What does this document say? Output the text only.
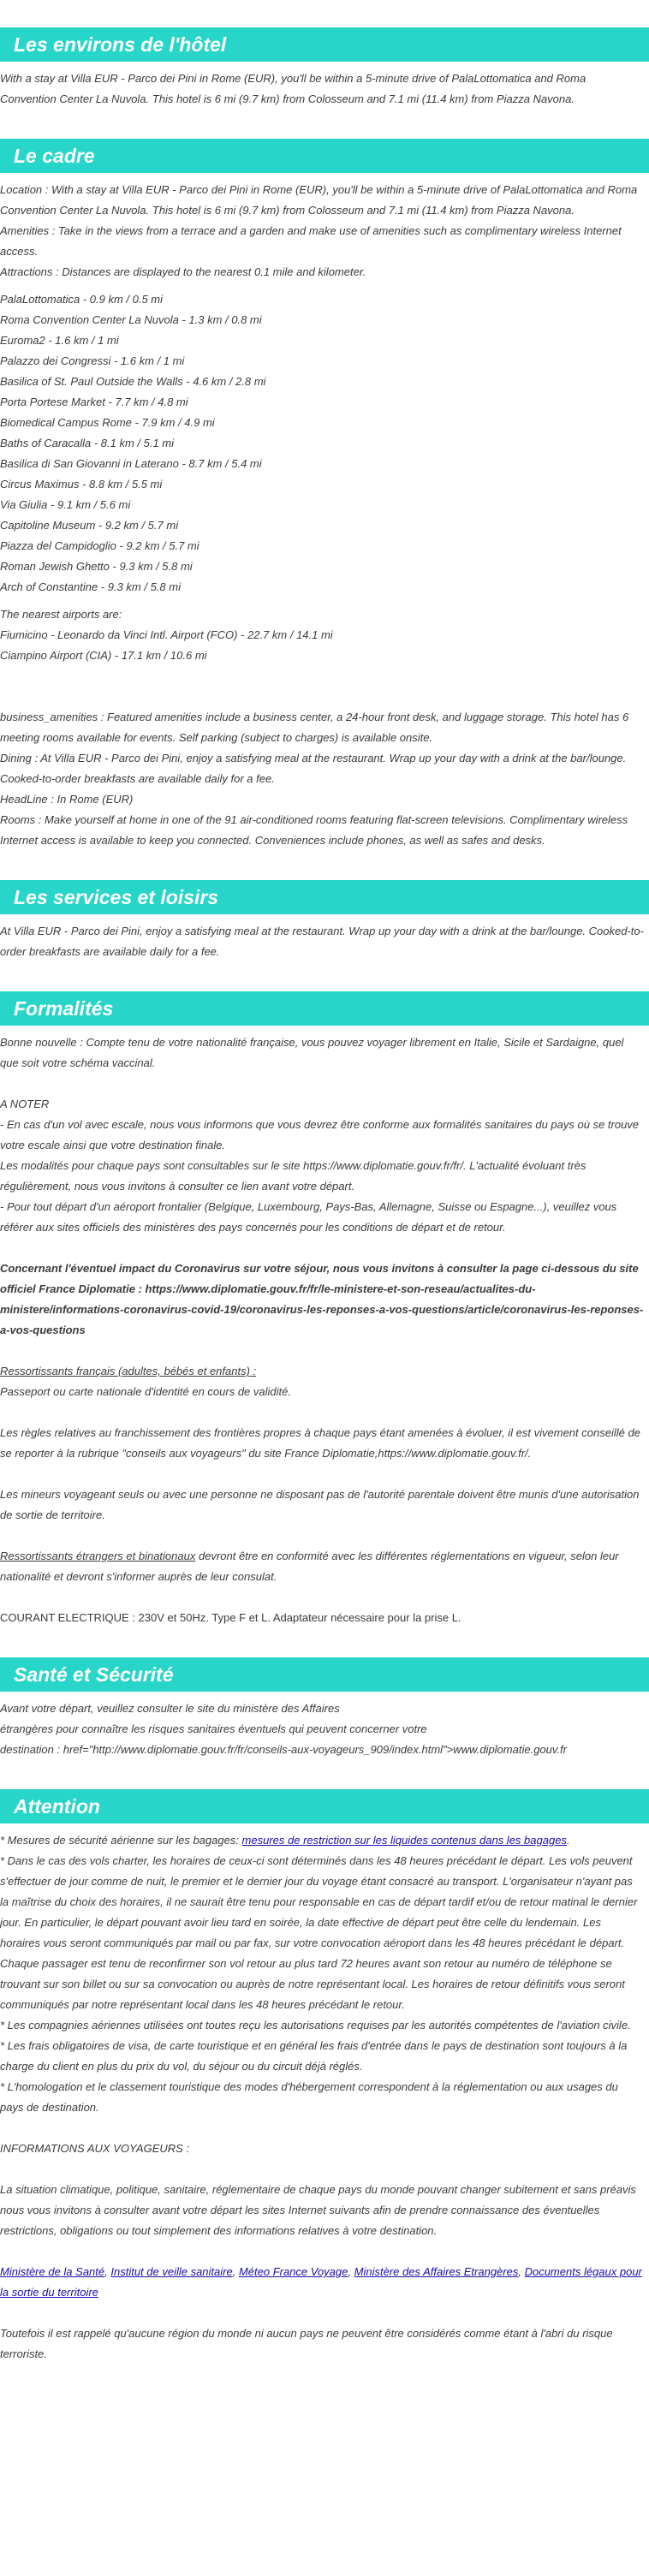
Les environs de l'hôtel

With a stay at Villa EUR - Parco dei Pini in Rome (EUR), you'll be within a 5-minute drive of PalaLottomatica and Roma Convention Center La Nuvola. This hotel is 6 mi (9.7 km) from Colosseum and 7.1 mi (11.4 km) from Piazza Navona.

Le cadre

Location : With a stay at Villa EUR - Parco dei Pini in Rome (EUR), you'll be within a 5-minute drive of PalaLottomatica and Roma Convention Center La Nuvola. This hotel is 6 mi (9.7 km) from Colosseum and 7.1 mi (11.4 km) from Piazza Navona.

Amenities : Take in the views from a terrace and a garden and make use of amenities such as complimentary wireless Internet access.

Attractions : Distances are displayed to the nearest 0.1 mile and kilometer.

PalaLottomatica - 0.9 km / 0.5 mi

Roma Convention Center La Nuvola - 1.3 km / 0.8 mi

Euroma2 - 1.6 km / 1 mi

Palazzo dei Congressi - 1.6 km / 1 mi

Basilica of St. Paul Outside the Walls - 4.6 km / 2.8 mi

Porta Portese Market - 7.7 km / 4.8 mi

Biomedical Campus Rome - 7.9 km / 4.9 mi

Baths of Caracalla - 8.1 km / 5.1 mi

Basilica di San Giovanni in Laterano - 8.7 km / 5.4 mi

Circus Maximus - 8.8 km / 5.5 mi

Via Giulia - 9.1 km / 5.6 mi

Capitoline Museum - 9.2 km / 5.7 mi

Piazza del Campidoglio - 9.2 km / 5.7 mi

Roman Jewish Ghetto - 9.3 km / 5.8 mi

Arch of Constantine - 9.3 km / 5.8 mi

The nearest airports are:

Fiumicino - Leonardo da Vinci Intl. Airport (FCO) - 22.7 km / 14.1 mi

Ciampino Airport (CIA) - 17.1 km / 10.6 mi

business_amenities : Featured amenities include a business center, a 24-hour front desk, and luggage storage. This hotel has 6 meeting rooms available for events. Self parking (subject to charges) is available onsite.

Dining : At Villa EUR - Parco dei Pini, enjoy a satisfying meal at the restaurant. Wrap up your day with a drink at the bar/lounge. Cooked-to-order breakfasts are available daily for a fee.

HeadLine : In Rome (EUR)

Rooms : Make yourself at home in one of the 91 air-conditioned rooms featuring flat-screen televisions. Complimentary wireless Internet access is available to keep you connected. Conveniences include phones, as well as safes and desks.

Les services et loisirs

At Villa EUR - Parco dei Pini, enjoy a satisfying meal at the restaurant. Wrap up your day with a drink at the bar/lounge. Cooked-to-order breakfasts are available daily for a fee.

Formalités

Bonne nouvelle : Compte tenu de votre nationalité française, vous pouvez voyager librement en Italie, Sicile et Sardaigne, quel que soit votre schéma vaccinal.

A NOTER

- En cas d'un vol avec escale, nous vous informons que vous devrez être conforme aux formalités sanitaires du pays où se trouve votre escale ainsi que votre destination finale.

Les modalités pour chaque pays sont consultables sur le site https://www.diplomatie.gouv.fr/fr/. L'actualité évoluant très régulièrement, nous vous invitons à consulter ce lien avant votre départ.

- Pour tout départ d'un aéroport frontalier (Belgique, Luxembourg, Pays-Bas, Allemagne, Suisse ou Espagne...), veuillez vous référer aux sites officiels des ministères des pays concernés pour les conditions de départ et de retour.

Concernant l'éventuel impact du Coronavirus sur votre séjour, nous vous invitons à consulter la page ci-dessous du site officiel France Diplomatie : https://www.diplomatie.gouv.fr/fr/le-ministere-et-son-reseau/actualites-du-ministere/informations-coronavirus-covid-19/coronavirus-les-reponses-a-vos-questions/article/coronavirus-les-reponses-a-vos-questions

Ressortissants français (adultes, bébés et enfants) :

Passeport ou carte nationale d'identité en cours de validité.

Les règles relatives au franchissement des frontières propres à chaque pays étant amenées à évoluer, il est vivement conseillé de se reporter à la rubrique "conseils aux voyageurs" du site France Diplomatie,https://www.diplomatie.gouv.fr/.

Les mineurs voyageant seuls ou avec une personne ne disposant pas de l'autorité parentale doivent être munis d'une autorisation de sortie de territoire.

Ressortissants étrangers et binationaux devront être en conformité avec les différentes réglementations en vigueur, selon leur nationalité et devront s'informer auprès de leur consulat.

COURANT ELECTRIQUE : 230V et 50Hz. Type F et L. Adaptateur nécessaire pour la prise L.

Santé et Sécurité

Avant votre départ, veuillez consulter le site du ministère des Affaires

étrangères pour connaître les risques sanitaires éventuels qui peuvent concerner votre

destination : href="http://www.diplomatie.gouv.fr/fr/conseils-aux-voyageurs_909/index.html">www.diplomatie.gouv.fr

Attention

* Mesures de sécurité aérienne sur les bagages: mesures de restriction sur les liquides contenus dans les bagages.

* Dans le cas des vols charter, les horaires de ceux-ci sont déterminés dans les 48 heures précédant le départ. Les vols peuvent s'effectuer de jour comme de nuit, le premier et le dernier jour du voyage étant consacré au transport. L'organisateur n'ayant pas la maîtrise du choix des horaires, il ne saurait être tenu pour responsable en cas de départ tardif et/ou de retour matinal le dernier jour. En particulier, le départ pouvant avoir lieu tard en soirée, la date effective de départ peut être celle du lendemain. Les horaires vous seront communiqués par mail ou par fax, sur votre convocation aéroport dans les 48 heures précédant le départ. Chaque passager est tenu de reconfirmer son vol retour au plus tard 72 heures avant son retour au numéro de téléphone se trouvant sur son billet ou sur sa convocation ou auprès de notre représentant local. Les horaires de retour définitifs vous seront communiqués par notre représentant local dans les 48 heures précédant le retour.

* Les compagnies aériennes utilisées ont toutes reçu les autorisations requises par les autorités compétentes de l'aviation civile.

* Les frais obligatoires de visa, de carte touristique et en général les frais d'entrée dans le pays de destination sont toujours à la charge du client en plus du prix du vol, du séjour ou du circuit déjà réglés.

* L'homologation et le classement touristique des modes d'hébergement correspondent à la réglementation ou aux usages du pays de destination.

INFORMATIONS AUX VOYAGEURS :

La situation climatique, politique, sanitaire, réglementaire de chaque pays du monde pouvant changer subitement et sans préavis nous vous invitons à consulter avant votre départ les sites Internet suivants afin de prendre connaissance des éventuelles restrictions, obligations ou tout simplement des informations relatives à votre destination.

Ministère de la Santé, Institut de veille sanitaire, Méteo France Voyage, Ministère des Affaires Etrangères, Documents légaux pour la sortie du territoire

Toutefois il est rappelé qu'aucune région du monde ni aucun pays ne peuvent être considérés comme étant à l'abri du risque terroriste.
